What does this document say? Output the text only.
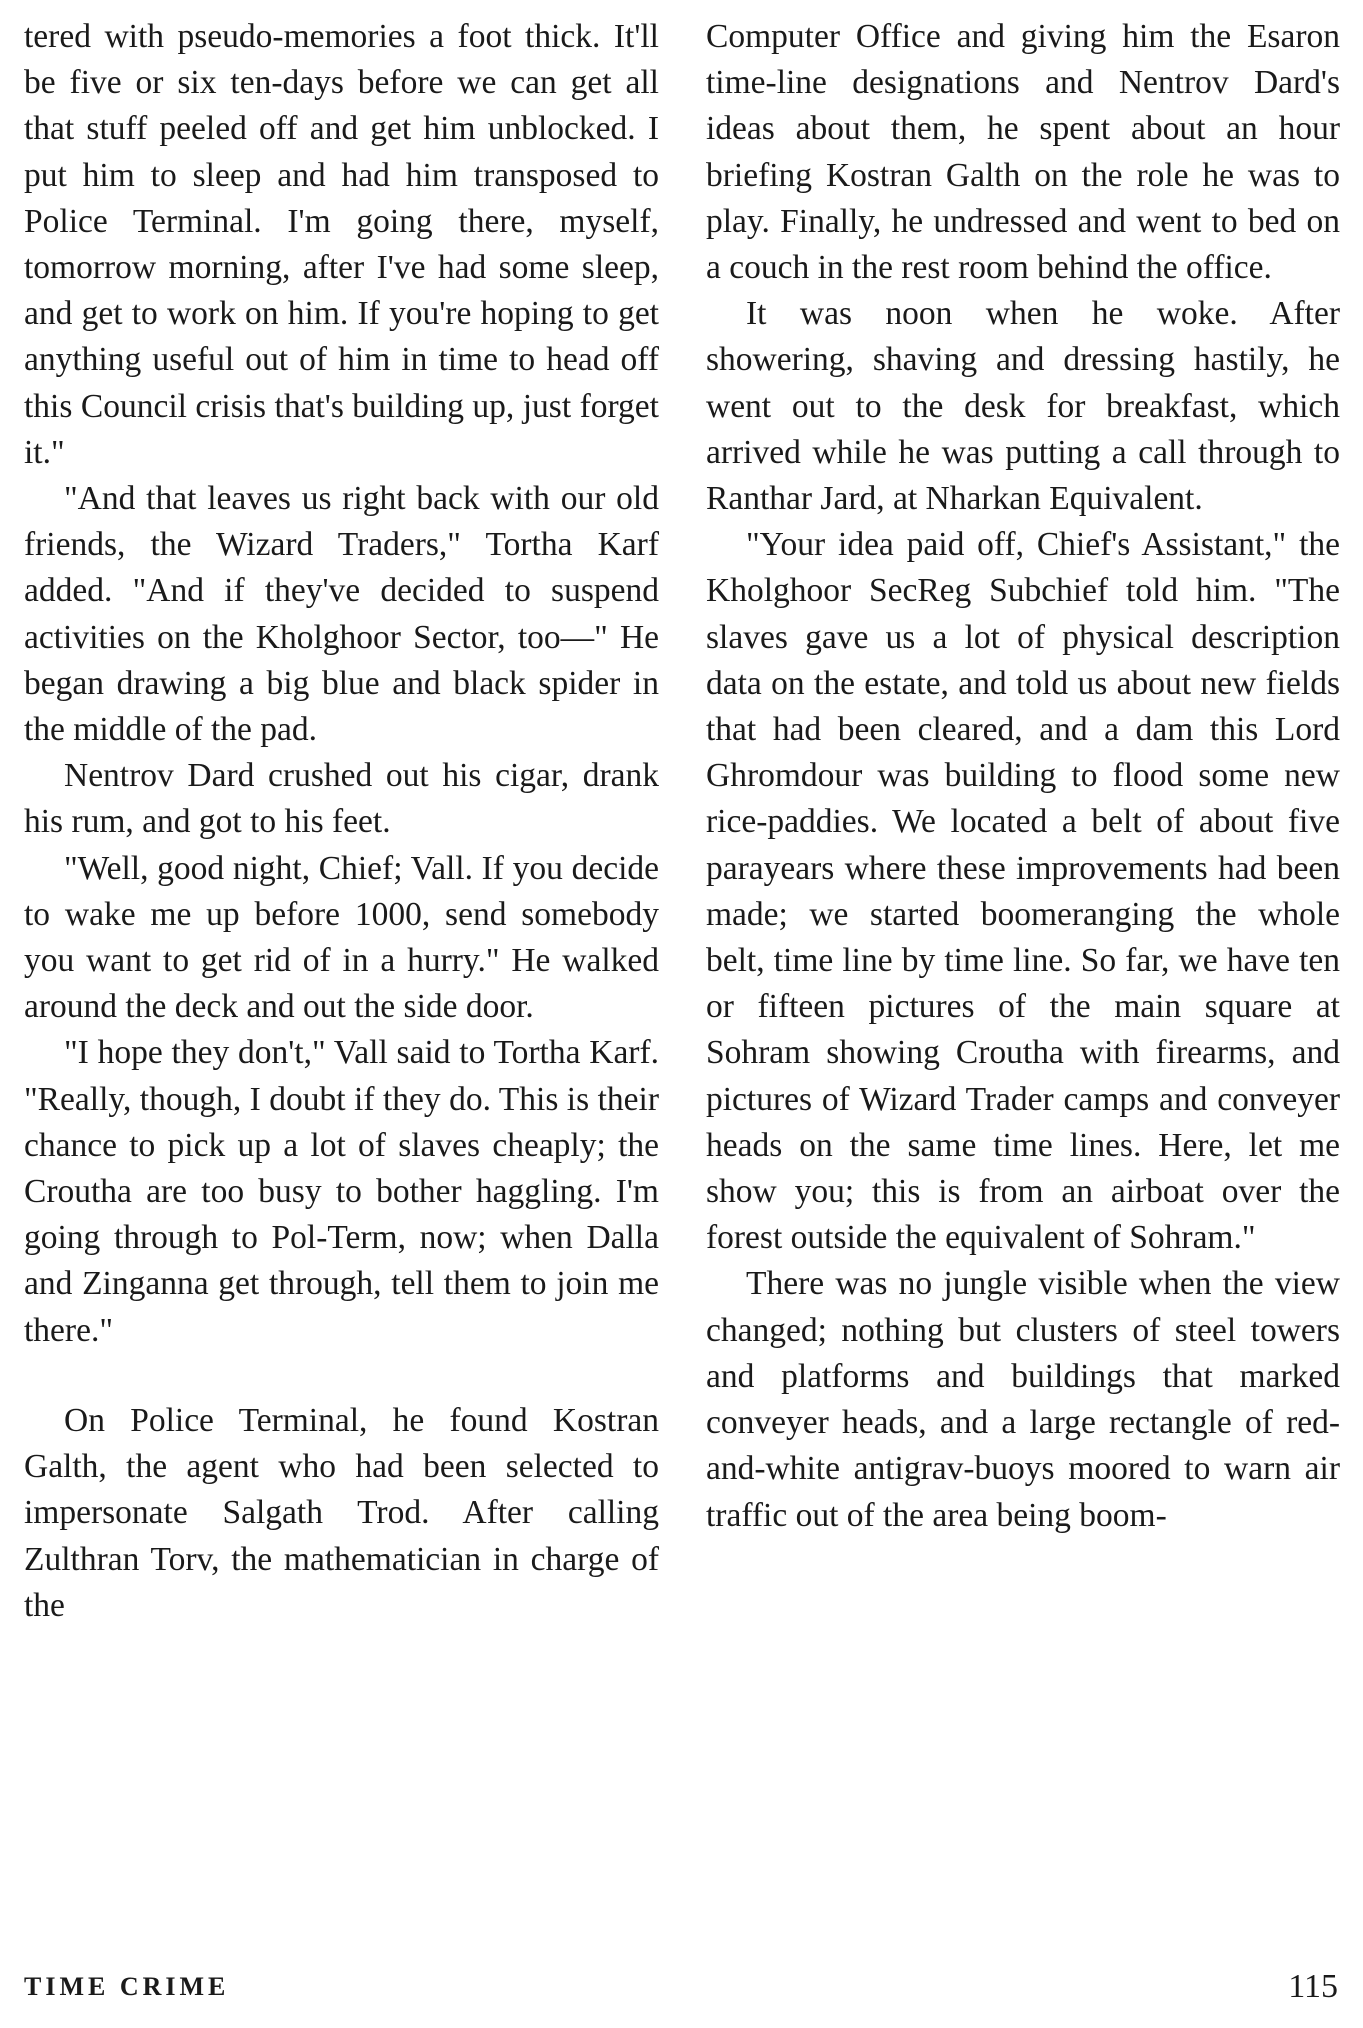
tered with pseudo-memories a foot thick. It'll be five or six ten-days before we can get all that stuff peeled off and get him unblocked. I put him to sleep and had him transposed to Police Terminal. I'm going there, myself, tomorrow morning, after I've had some sleep, and get to work on him. If you're hoping to get anything useful out of him in time to head off this Council crisis that's building up, just forget it."

"And that leaves us right back with our old friends, the Wizard Traders," Tortha Karf added. "And if they've decided to suspend activities on the Kholghoor Sector, too—" He began drawing a big blue and black spider in the middle of the pad.

Nentrov Dard crushed out his cigar, drank his rum, and got to his feet.

"Well, good night, Chief; Vall. If you decide to wake me up before 1000, send somebody you want to get rid of in a hurry." He walked around the deck and out the side door.

"I hope they don't," Vall said to Tortha Karf. "Really, though, I doubt if they do. This is their chance to pick up a lot of slaves cheaply; the Croutha are too busy to bother haggling. I'm going through to Pol-Term, now; when Dalla and Zinganna get through, tell them to join me there."

On Police Terminal, he found Kostran Galth, the agent who had been selected to impersonate Salgath Trod. After calling Zulthran Torv, the mathematician in charge of the

Computer Office and giving him the Esaron time-line designations and Nentrov Dard's ideas about them, he spent about an hour briefing Kostran Galth on the role he was to play. Finally, he undressed and went to bed on a couch in the rest room behind the office.

It was noon when he woke. After showering, shaving and dressing hastily, he went out to the desk for breakfast, which arrived while he was putting a call through to Ranthar Jard, at Nharkan Equivalent.

"Your idea paid off, Chief's Assistant," the Kholghoor SecReg Subchief told him. "The slaves gave us a lot of physical description data on the estate, and told us about new fields that had been cleared, and a dam this Lord Ghromdour was building to flood some new rice-paddies. We located a belt of about five parayears where these improvements had been made; we started boomeranging the whole belt, time line by time line. So far, we have ten or fifteen pictures of the main square at Sohram showing Croutha with firearms, and pictures of Wizard Trader camps and conveyer heads on the same time lines. Here, let me show you; this is from an airboat over the forest outside the equivalent of Sohram."

There was no jungle visible when the view changed; nothing but clusters of steel towers and platforms and buildings that marked conveyer heads, and a large rectangle of red-and-white antigrav-buoys moored to warn air traffic out of the area being boom-

TIME CRIME	115
